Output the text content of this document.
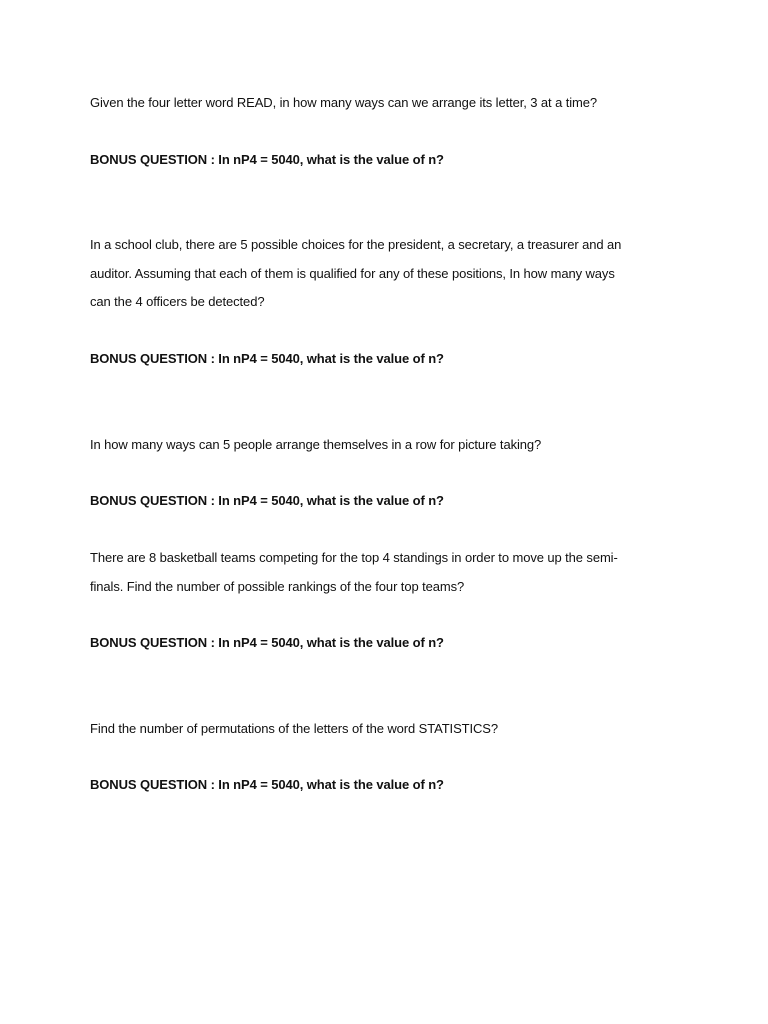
Given the four letter word READ, in how many ways can we arrange its letter, 3 at a time?
BONUS QUESTION : In nP4 = 5040, what is the value of n?
In a school club, there are 5 possible choices for the president, a secretary, a treasurer and an
auditor. Assuming that each of them is qualified for any of these positions, In how many ways
can the 4 officers be detected?
BONUS QUESTION : In nP4 = 5040, what is the value of n?
In how many ways can 5 people arrange themselves in a row for picture taking?
BONUS QUESTION : In nP4 = 5040, what is the value of n?
There are 8 basketball teams competing for the top 4 standings in order to move up the semi-
finals. Find the number of possible rankings of the four top teams?
BONUS QUESTION : In nP4 = 5040, what is the value of n?
Find the number of permutations of the letters of the word STATISTICS?
BONUS QUESTION : In nP4 = 5040, what is the value of n?
